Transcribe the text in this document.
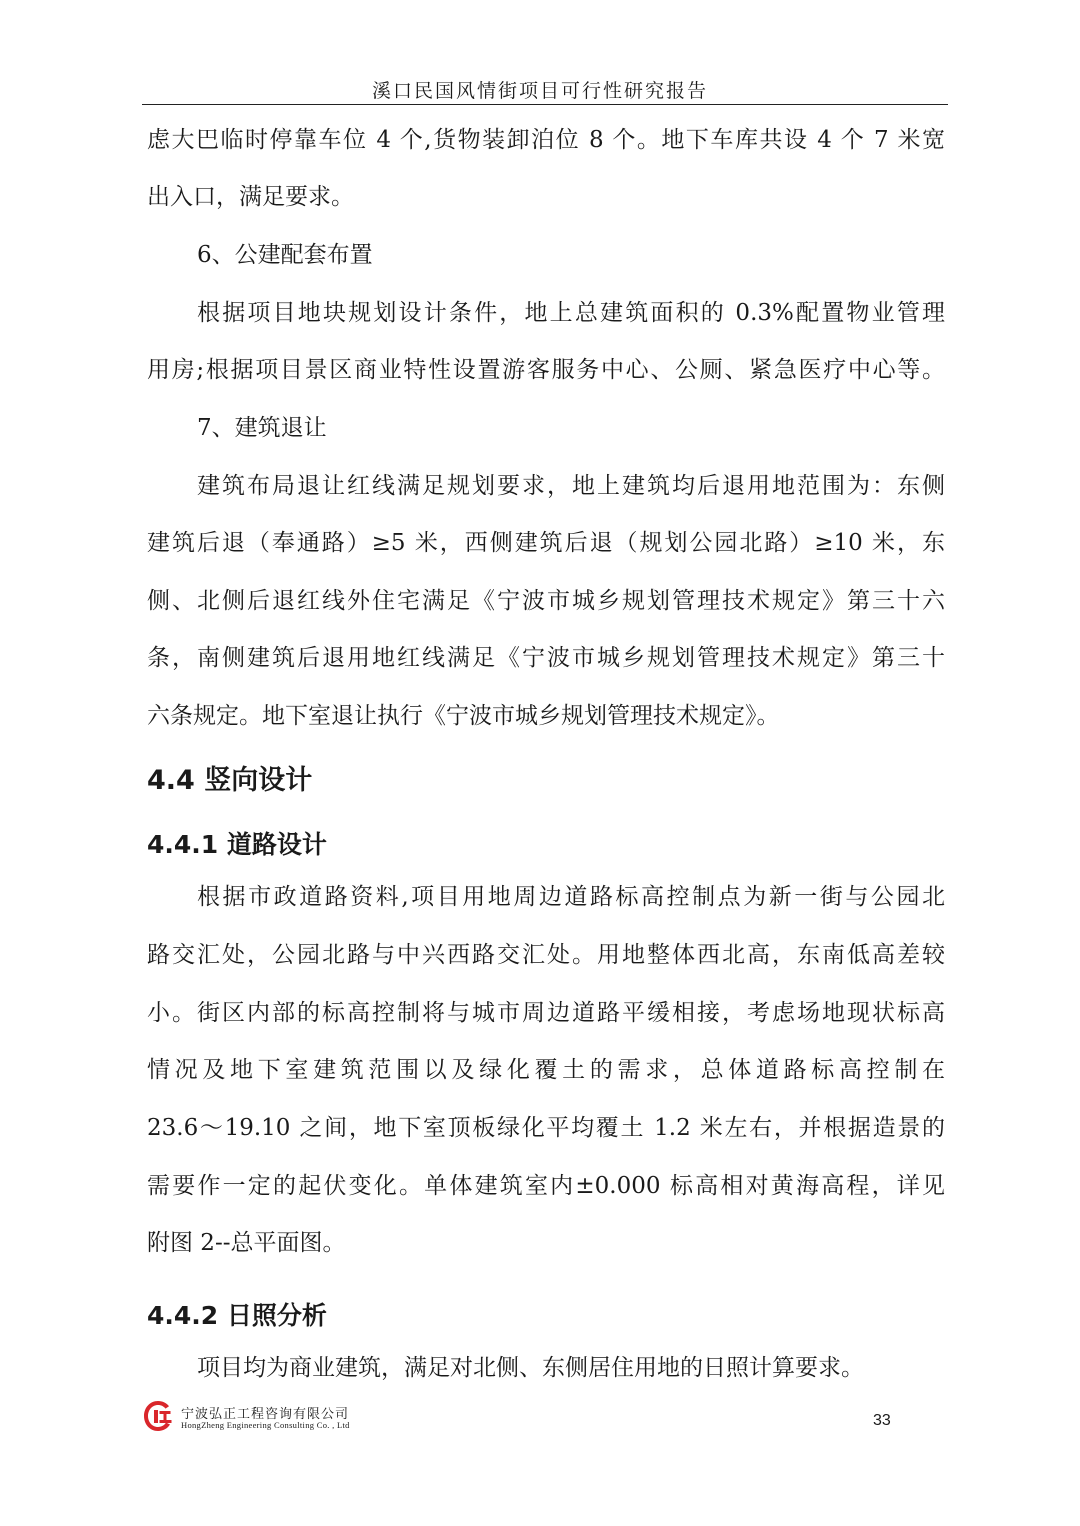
溪口民国风情街项目可行性研究报告
虑大巴临时停靠车位 4 个,货物装卸泊位 8 个。地下车库共设 4 个 7 米宽
出入口，满足要求。
6、公建配套布置
根据项目地块规划设计条件，地上总建筑面积的 0.3%配置物业管理
用房;根据项目景区商业特性设置游客服务中心、公厕、紧急医疗中心等。
7、建筑退让
建筑布局退让红线满足规划要求，地上建筑均后退用地范围为：东侧
建筑后退（奉通路）≥5 米，西侧建筑后退（规划公园北路）≥10 米，东
侧、北侧后退红线外住宅满足《宁波市城乡规划管理技术规定》第三十六
条，南侧建筑后退用地红线满足《宁波市城乡规划管理技术规定》第三十
六条规定。地下室退让执行《宁波市城乡规划管理技术规定》。
4.4 竖向设计
4.4.1 道路设计
根据市政道路资料,项目用地周边道路标高控制点为新一街与公园北
路交汇处，公园北路与中兴西路交汇处。用地整体西北高，东南低高差较
小。街区内部的标高控制将与城市周边道路平缓相接，考虑场地现状标高
情况及地下室建筑范围以及绿化覆土的需求，总体道路标高控制在
23.6～19.10 之间，地下室顶板绿化平均覆土 1.2 米左右，并根据造景的
需要作一定的起伏变化。单体建筑室内±0.000 标高相对黄海高程，详见
附图 2--总平面图。
4.4.2 日照分析
项目均为商业建筑，满足对北侧、东侧居住用地的日照计算要求。
宁波弘正工程咨询有限公司
HongZheng Engineering Consulting Co. , Ltd	33
